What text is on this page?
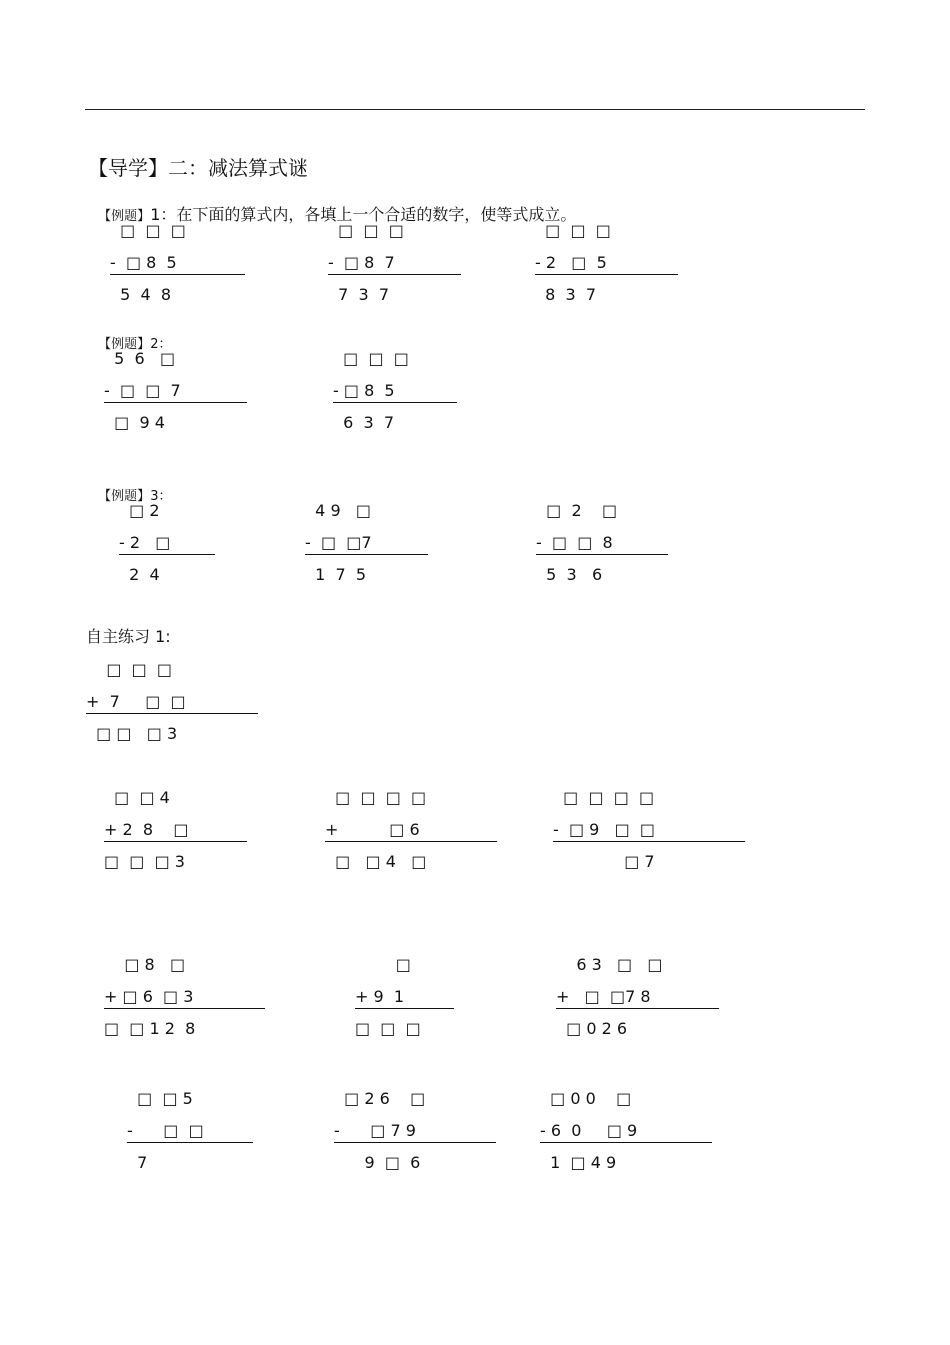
【导学】二：减法算式谜

【例题】1：在下面的算式内，各填上一个合适的数字，使等式成立。

【例题】2：

【例题】3：

自主练习 1:
□  □  □
-  □ 8  5
5  4  8
□  □  □
-  □ 8  7
7  3  7
□  □  □
- 2   □  5
8  3  7
5  6   □
-  □  □  7
□  9 4
□  □  □
- □ 8  5
6  3  7
□ 2
- 2   □
2  4
4 9   □
-  □  □7
1  7  5
□  2    □
-  □  □  8
5  3   6
□  □  □
+  7     □  □
□ □   □ 3
□  □ 4
+ 2  8    □
□  □  □ 3
□  □  □  □
+          □ 6
□   □ 4   □
□  □  □  □
-  □ 9   □  □
□ 7
□ 8   □
+ □ 6  □ 3
□  □ 1 2  8
□
+ 9  1
□  □  □
6 3   □   □
+   □  □7 8
□ 0 2 6
□  □ 5
-      □  □
7
□ 2 6    □
-      □ 7 9
9  □  6
□ 0 0    □
- 6  0     □ 9
1  □ 4 9
